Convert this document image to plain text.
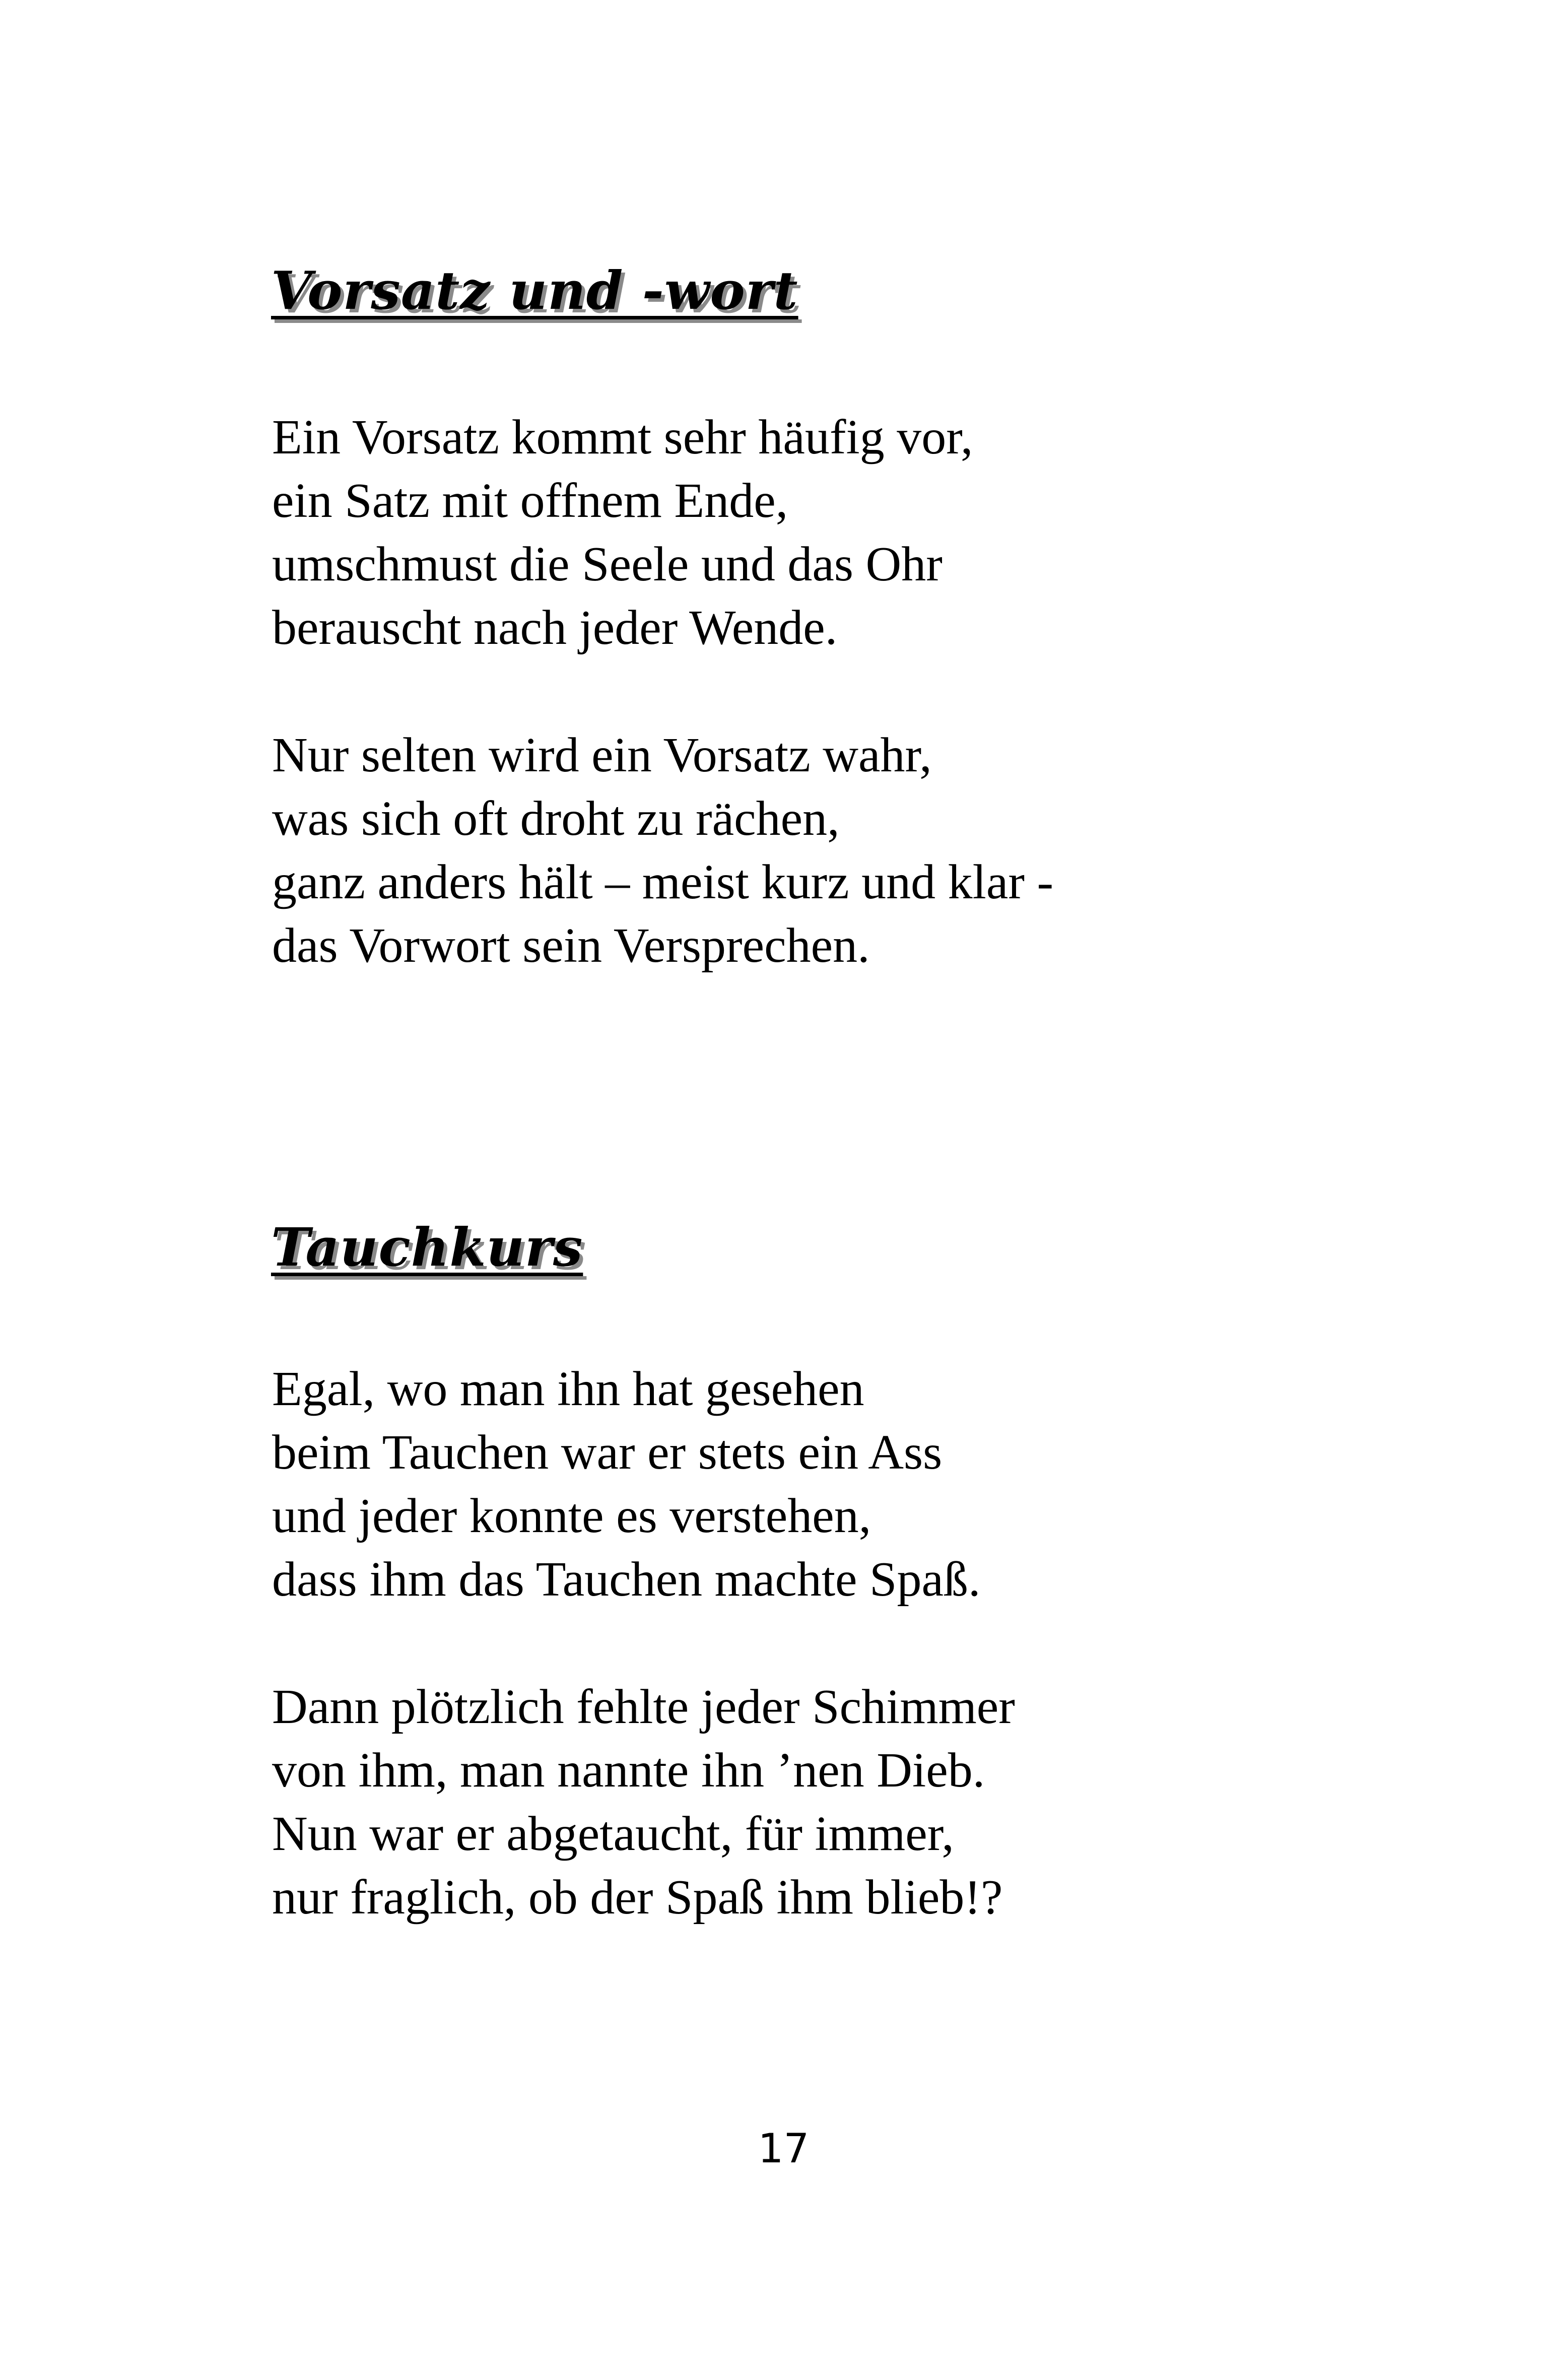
Vorsatz und -wort
Ein Vorsatz kommt sehr häufig vor,
ein Satz mit offnem Ende,
umschmust die Seele und das Ohr
berauscht nach jeder Wende.
Nur selten wird ein Vorsatz wahr,
was sich oft droht zu rächen,
ganz anders hält – meist kurz und klar -
das Vorwort sein Versprechen.
Tauchkurs
Egal, wo man ihn hat gesehen
beim Tauchen war er stets ein Ass
und jeder konnte es verstehen,
dass ihm das Tauchen machte Spaß.
Dann plötzlich fehlte jeder Schimmer
von ihm, man nannte ihn ’nen Dieb.
Nun war er abgetaucht, für immer,
nur fraglich, ob der Spaß ihm blieb!?
17
